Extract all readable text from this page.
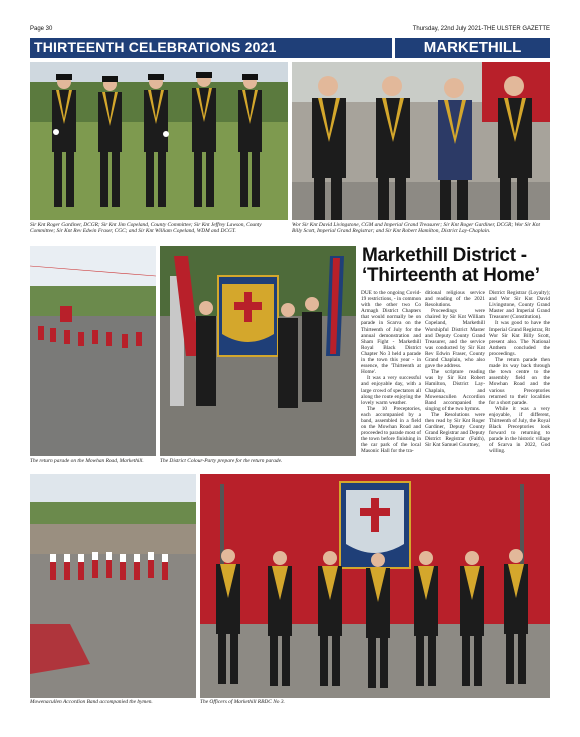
Page 30	Thursday, 22nd July 2021-THE ULSTER GAZETTE
THIRTEENTH CELEBRATIONS 2021	MARKETHILL
Sir Knt Roger Gardiner, DCGR; Sir Knt Jim Copeland, County Committee; Sir Knt Jeffrey Lawson, County Committee; Sir Knt Rev Edwin Fraser, CGC; and Sir Knt William Copeland, WDM and DCGT.
Wor Sir Knt David Livingstone, CGM and Imperial Grand Treasurer; Sir Knt Roger Gardiner, DCGR; Wor Sir Knt Billy Scott, Imperial Grand Registrar; and Sir Knt Robert Hamilton, District Lay-Chaplain.
The return parade on the Mowhan Road, Markethill.	The District Colour-Party prepare for the return parade.
Markethill District -
‘Thirteenth at Home’

DUE to the ongoing Covid-19 restrictions, - in common with the other two Co Armagh District Chapters that would normally be on parade in Scarva on the Thirteenth of July for the annual demonstration and Sham Fight - Markethill Royal Black District Chapter No 3 held a parade in the town this year - in essence, the 'Thirteenth at Home'.

It was a very successful and enjoyable day, with a large crowd of spectators all along the route enjoying the lovely warm weather.

The 10 Preceptories, each accompanied by a band, assembled in a field on the Mowhan Road and proceeded to parade most of the town before finishing in the car park of the local Masonic Hall for the tra-

ditional religious service and reading of the 2021 Resolutions.

Proceedings were chaired by Sir Knt William Copeland, Markethill Worshipful District Master and Deputy County Grand Treasurer, and the service was conducted by Sir Knt Rev Edwin Fraser, County Grand Chaplain, who also gave the address.

The scripture reading was by Sir Knt Robert Hamilton, District Lay-Chaplain, and Mowenacullen Accordion Band accompanied the singing of the two hymns.

The Resolutions were then read by Sir Knt Roger Gardiner, Deputy County Grand Registrar and Deputy District Registrar (Faith), Sir Knt Samuel Courtney,

District Registrar (Loyalty); and Wor Sir Knt David Livingstone, County Grand Master and Imperial Grand Treasurer (Constitution).

It was good to have the Imperial Grand Registrar, Rt Wor Sir Knt Billy Scott, present also. The National Anthem concluded the proceedings.

The return parade then made its way back through the town centre to the assembly field on the Mowhan Road and the various Preceptories returned to their localities for a short parade.

While it was a very enjoyable, if different, Thirteenth of July, the Royal Black Preceptories look forward to returning to parade in the historic village of Scarva in 2022, God willing.

Mowenacullen Accordion Band accompanied the bymen.	The Officers of Markethill RBDC No 3.
